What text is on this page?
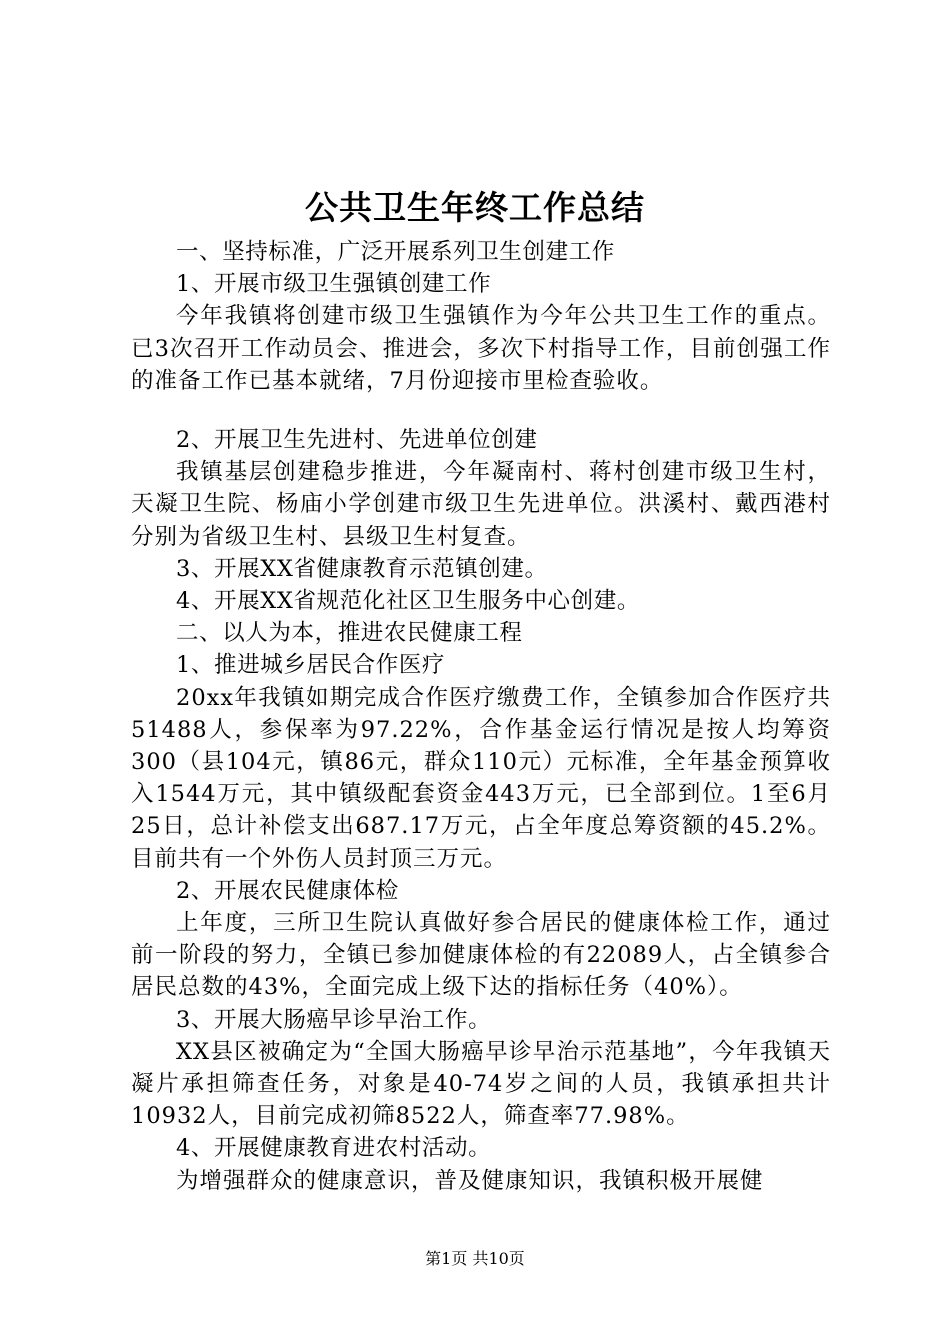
公共卫生年终工作总结

一、坚持标准，广泛开展系列卫生创建工作

1、开展市级卫生强镇创建工作

今年我镇将创建市级卫生强镇作为今年公共卫生工作的重点。已3次召开工作动员会、推进会，多次下村指导工作，目前创强工作的准备工作已基本就绪，7月份迎接市里检查验收。

2、开展卫生先进村、先进单位创建

我镇基层创建稳步推进，今年凝南村、蒋村创建市级卫生村，天凝卫生院、杨庙小学创建市级卫生先进单位。洪溪村、戴西港村分别为省级卫生村、县级卫生村复查。

3、开展XX省健康教育示范镇创建。

4、开展XX省规范化社区卫生服务中心创建。

二、以人为本，推进农民健康工程

1、推进城乡居民合作医疗

20xx年我镇如期完成合作医疗缴费工作，全镇参加合作医疗共51488人，参保率为97.22%，合作基金运行情况是按人均筹资300（县104元，镇86元，群众110元）元标准，全年基金预算收入1544万元，其中镇级配套资金443万元，已全部到位。1至6月25日，总计补偿支出687.17万元，占全年度总筹资额的45.2%。目前共有一个外伤人员封顶三万元。

2、开展农民健康体检

上年度，三所卫生院认真做好参合居民的健康体检工作，通过前一阶段的努力，全镇已参加健康体检的有22089人，占全镇参合居民总数的43%，全面完成上级下达的指标任务（40%）。

3、开展大肠癌早诊早治工作。

XX县区被确定为“全国大肠癌早诊早治示范基地”，今年我镇天凝片承担筛查任务，对象是40-74岁之间的人员，我镇承担共计10932人，目前完成初筛8522人，筛查率77.98%。

4、开展健康教育进农村活动。

为增强群众的健康意识，普及健康知识，我镇积极开展健

第1页 共10页
